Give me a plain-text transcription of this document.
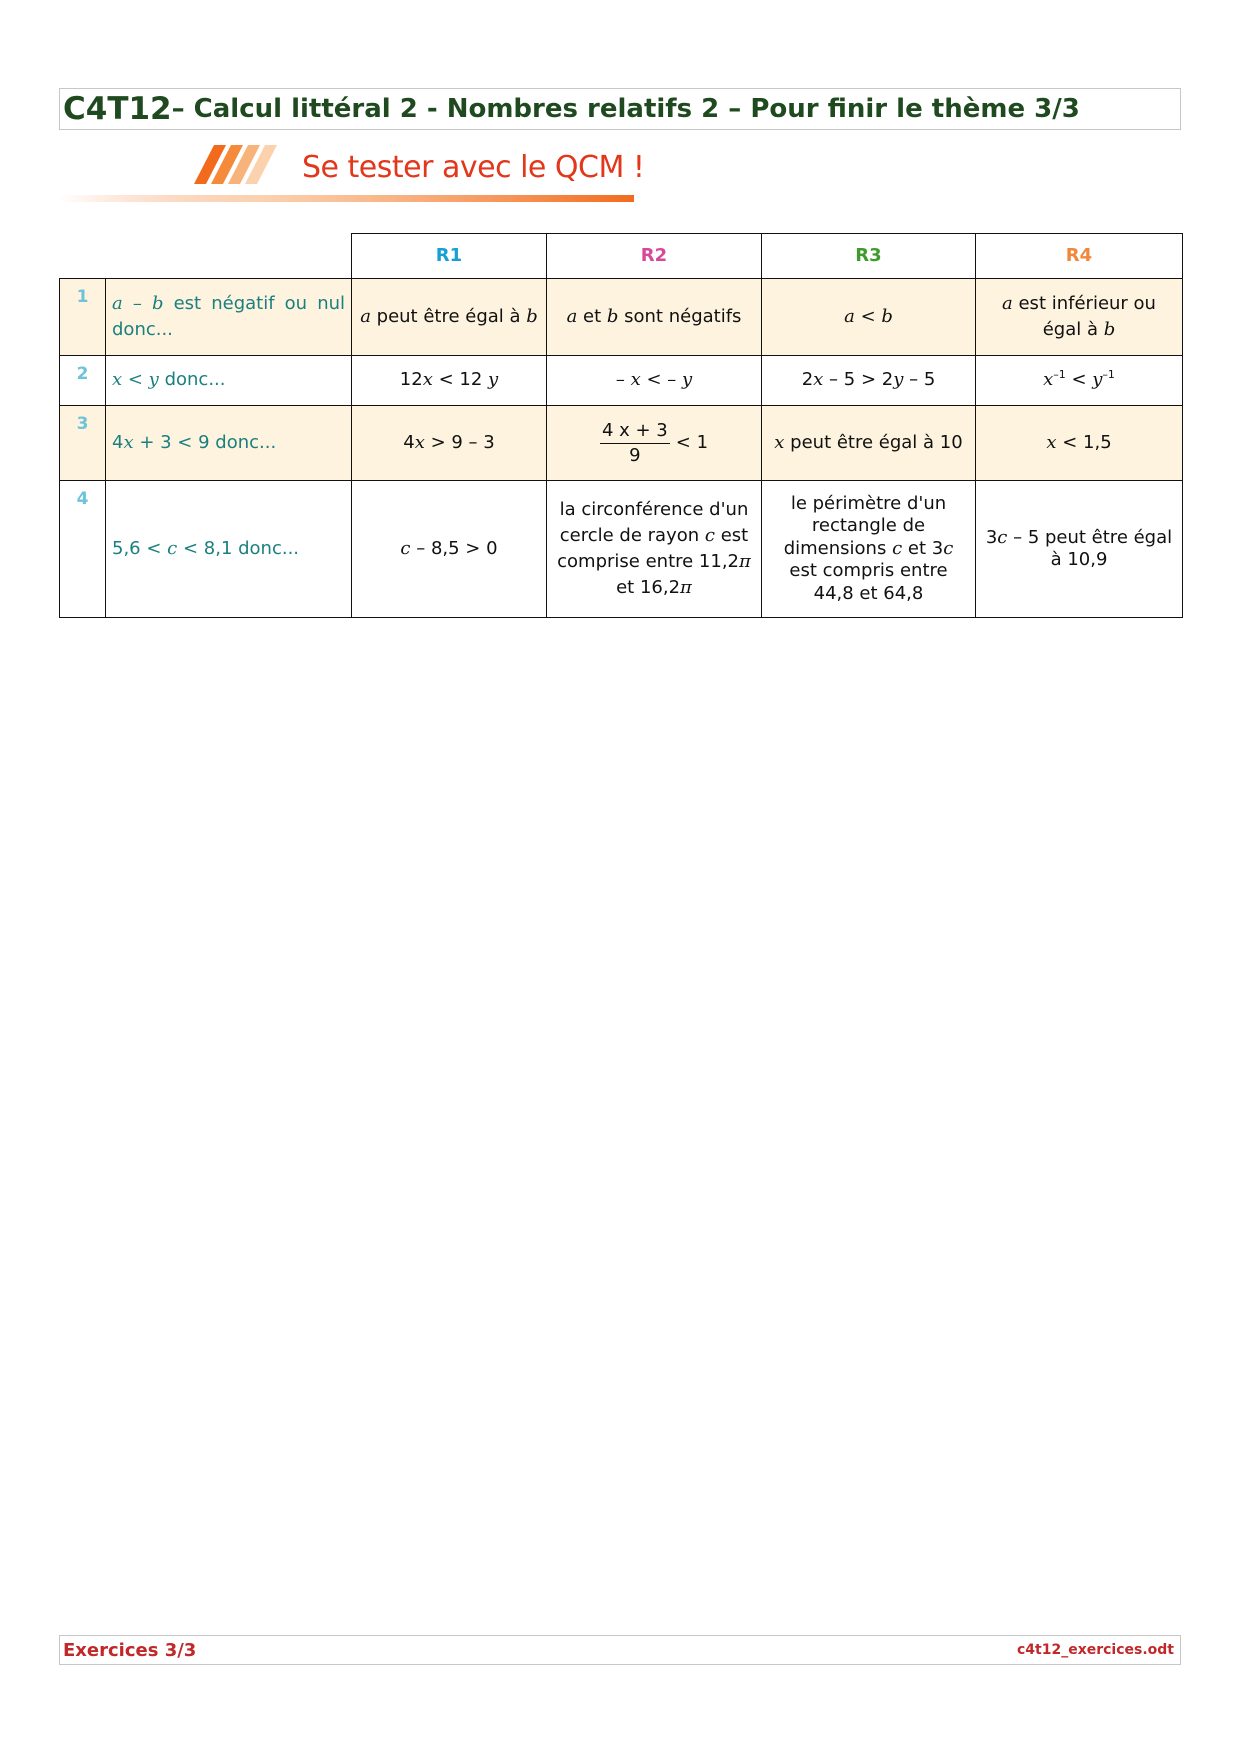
C4T12 – Calcul littéral 2 - Nombres relatifs 2 – Pour finir le thème 3/3
Se tester avec le QCM !
		R1	R2	R3	R4
1	a – b est négatif ou nul donc...	a peut être égal à b	a et b sont négatifs	a < b	a est inférieur ou égal à b
2	x < y donc...	12x < 12 y	– x < – y	2x – 5 > 2y – 5	$x^{-1} < y^{-1}$
3	4x + 3 < 9 donc...	4x > 9 – 3	$\frac{4 x + 3}{9} < 1$	x peut être égal à 10	x < 1,5
4	5,6 < c < 8,1 donc...	c – 8,5 > 0	la circonférence d'un cercle de rayon c est comprise entre 11,2π et 16,2π	le périmètre d'un rectangle de dimensions c et 3c est compris entre 44,8 et 64,8	3c – 5 peut être égal à 10,9
Exercices 3/3	c4t12_exercices.odt
